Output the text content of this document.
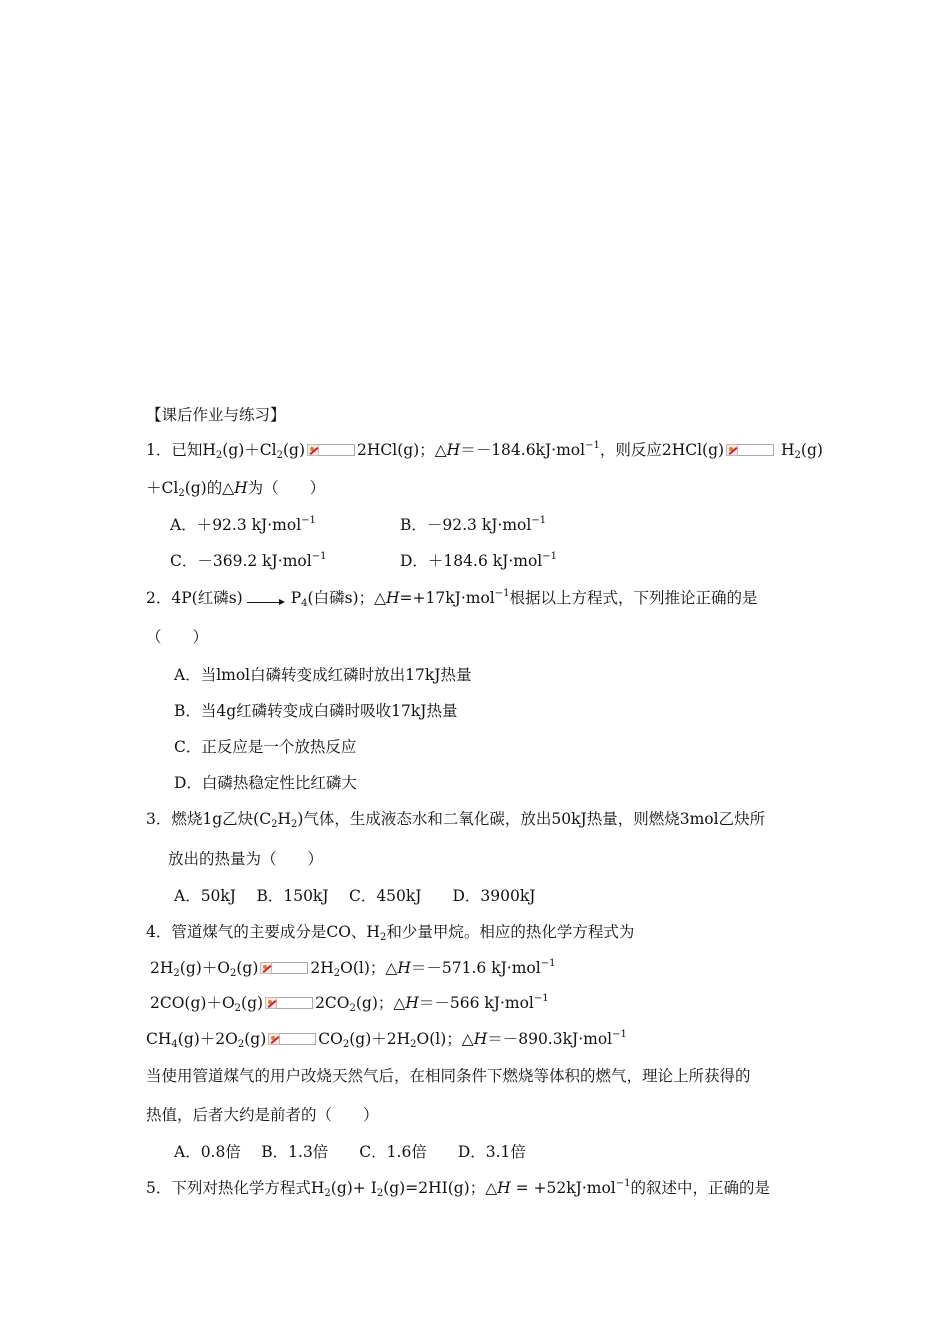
【课后作业与练习】
1．已知$H_2(g)+Cl_2(g)$	2HCl(g)；△H＝－184.6kJ·mol$^{-1}$，则反应2HCl(g)	$H_2(g)$
$+Cl_2(g)$的△H为（　　）
A．＋92.3 kJ·mol$^{-1}$	B．－92.3 kJ·mol$^{-1}$
C．－369.2 kJ·mol$^{-1}$	D．＋184.6 kJ·mol$^{-1}$
2．4P(红磷s)	$P_4$(白磷s)；△H=+17kJ·mol$^{-1}$根据以上方程式，下列推论正确的是
（　　）
A．当lmol白磷转变成红磷时放出17kJ热量
B．当4g红磷转变成白磷时吸收17kJ热量
C．正反应是一个放热反应
D．白磷热稳定性比红磷大
3．燃烧1g乙炔$(C_2H_2)$气体，生成液态水和二氧化碳，放出50kJ热量，则燃烧3mol乙炔所
放出的热量为（　　）
A．50kJ　 B．150kJ　 C．450kJ　　D．3900kJ
4．管道煤气的主要成分是CO、$H_2$和少量甲烷。相应的热化学方程式为
$2H_2(g)+O_2(g)$	$2H_2O(l)$；△H＝－571.6 kJ·mol$^{-1}$
$2CO(g)+O_2(g)$	$2CO_2(g)$；△H＝－566 kJ·mol$^{-1}$
$CH_4(g)+2O_2(g)$	$CO_2(g)+2H_2O(l)$；△H＝－890.3kJ·mol$^{-1}$
当使用管道煤气的用户改烧天然气后，在相同条件下燃烧等体积的燃气，理论上所获得的
热值，后者大约是前者的（　　）
A．0.8倍　 B．1.3倍　　C．1.6倍　　D．3.1倍
5．下列对热化学方程式$H_2(g)+ I_2(g)=2HI(g)$；△H = +52kJ·mol$^{-1}$的叙述中，正确的是
